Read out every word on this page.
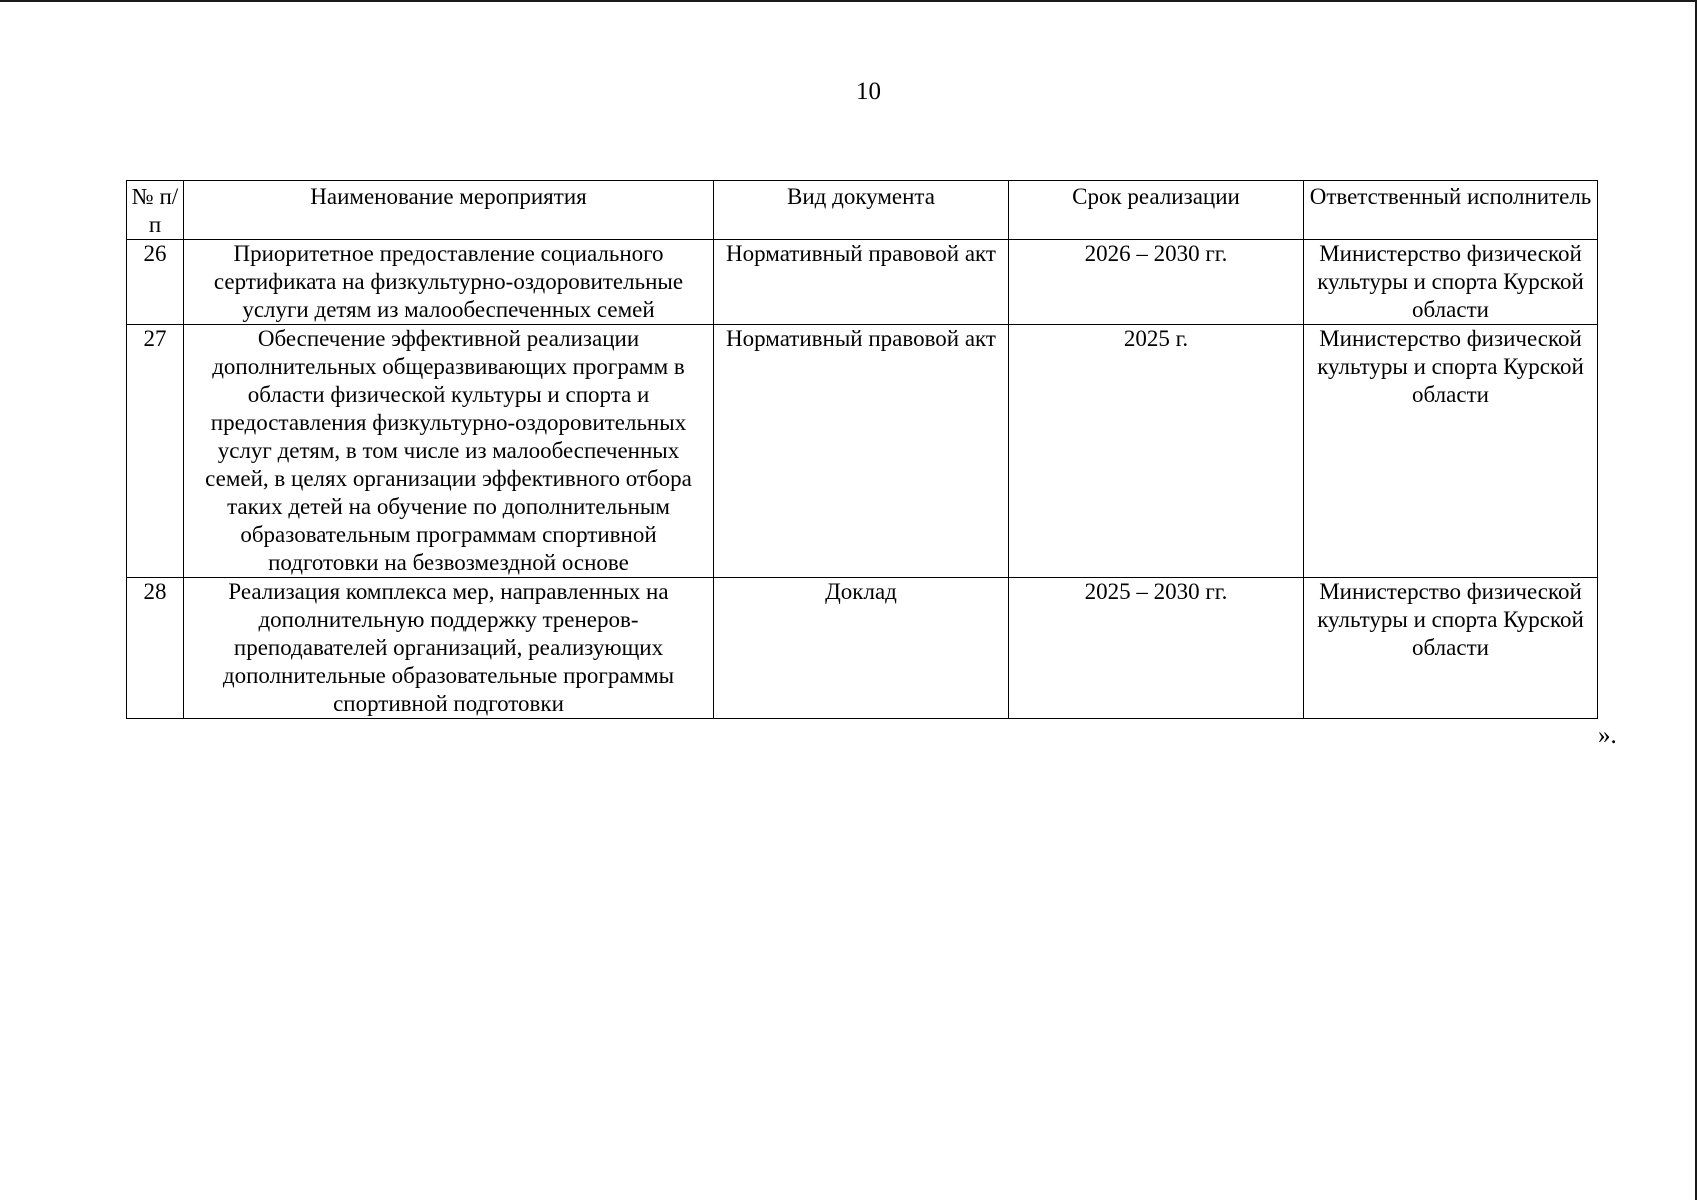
10
№ п/п	Наименование мероприятия	Вид документа	Срок реализации	Ответственный исполнитель
26	Приоритетное предоставление социального сертификата на физкультурно-оздоровительные услуги детям из малообеспеченных семей	Нормативный правовой акт	2026 – 2030 гг.	Министерство физической культуры и спорта Курской области
27	Обеспечение эффективной реализации дополнительных общеразвивающих программ в области физической культуры и спорта и предоставления физкультурно-оздоровительных услуг детям, в том числе из малообеспеченных семей, в целях организации эффективного отбора таких детей на обучение по дополнительным образовательным программам спортивной подготовки на безвозмездной основе	Нормативный правовой акт	2025 г.	Министерство физической культуры и спорта Курской области
28	Реализация комплекса мер, направленных на дополнительную поддержку тренеров-преподавателей организаций, реализующих дополнительные образовательные программы спортивной подготовки	Доклад	2025 – 2030 гг.	Министерство физической культуры и спорта Курской области
».
